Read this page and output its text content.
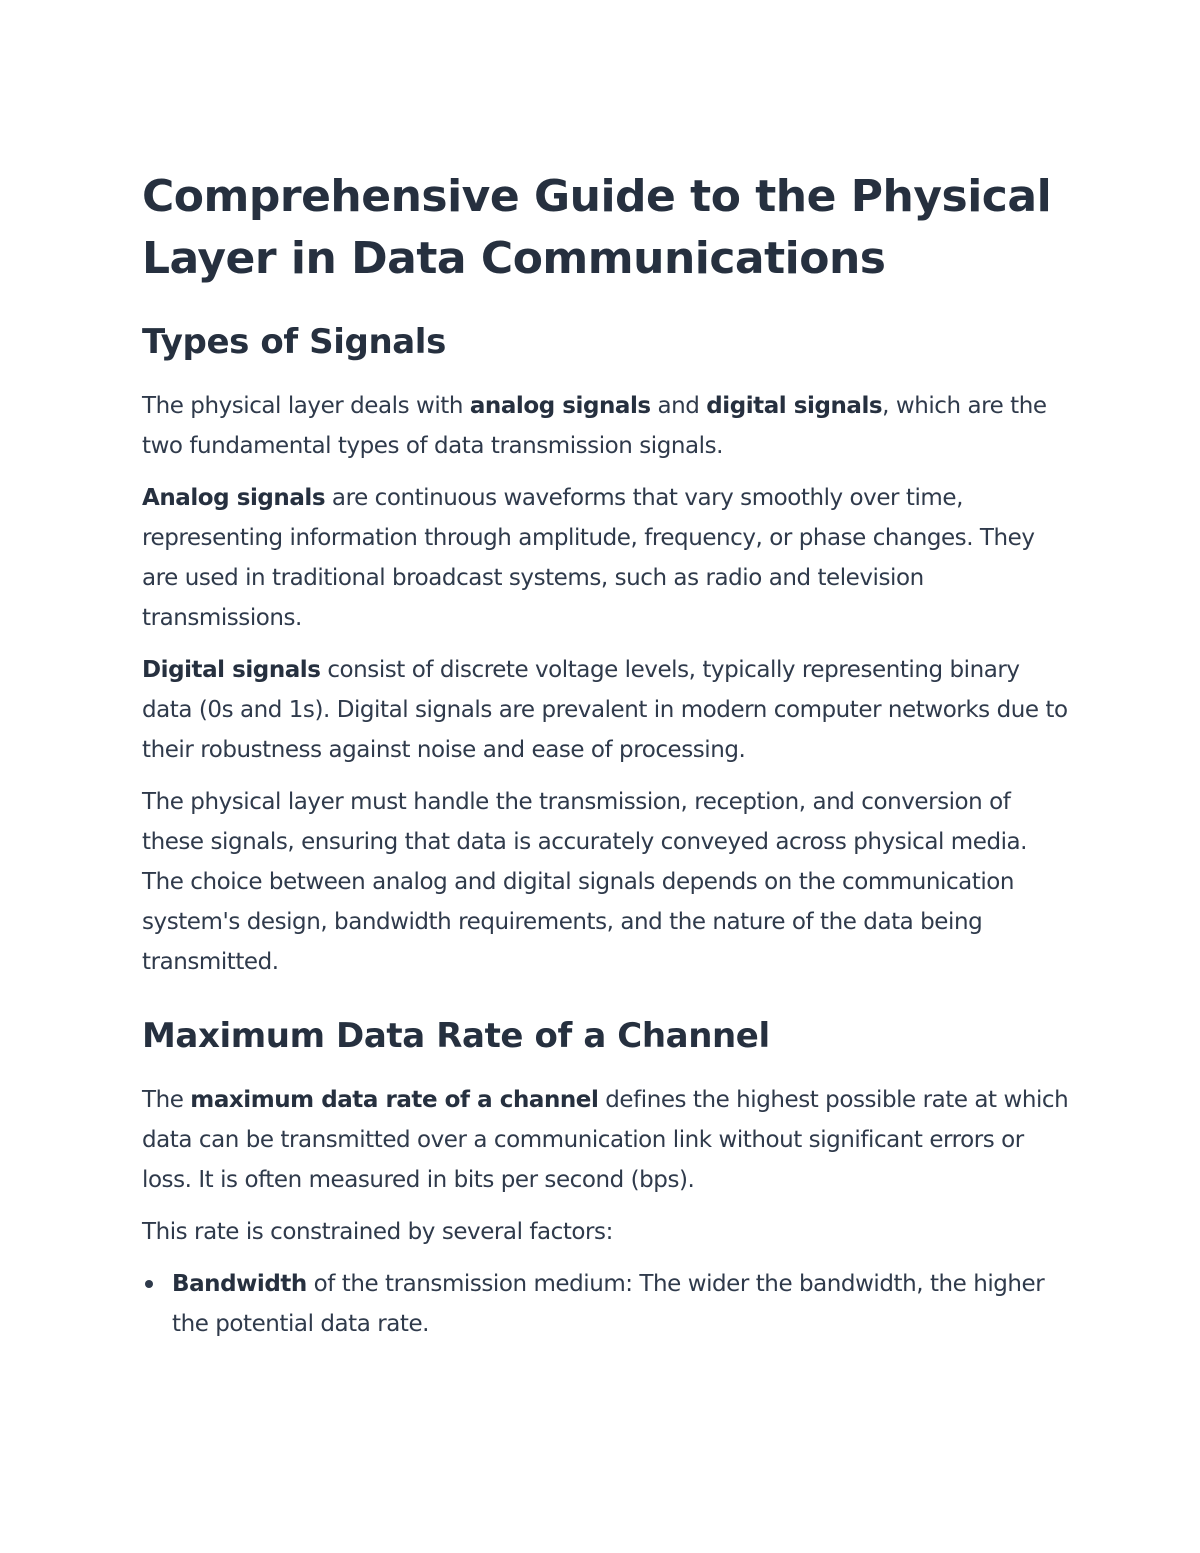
Comprehensive Guide to the Physical Layer in Data Communications
Types of Signals

The physical layer deals with analog signals and digital signals, which are the two fundamental types of data transmission signals.

Analog signals are continuous waveforms that vary smoothly over time, representing information through amplitude, frequency, or phase changes. They are used in traditional broadcast systems, such as radio and television transmissions.

Digital signals consist of discrete voltage levels, typically representing binary data (0s and 1s). Digital signals are prevalent in modern computer networks due to their robustness against noise and ease of processing.

The physical layer must handle the transmission, reception, and conversion of these signals, ensuring that data is accurately conveyed across physical media. The choice between analog and digital signals depends on the communication system's design, bandwidth requirements, and the nature of the data being transmitted.

Maximum Data Rate of a Channel

The maximum data rate of a channel defines the highest possible rate at which data can be transmitted over a communication link without significant errors or loss. It is often measured in bits per second (bps).

This rate is constrained by several factors:

Bandwidth of the transmission medium: The wider the bandwidth, the higher the potential data rate.
